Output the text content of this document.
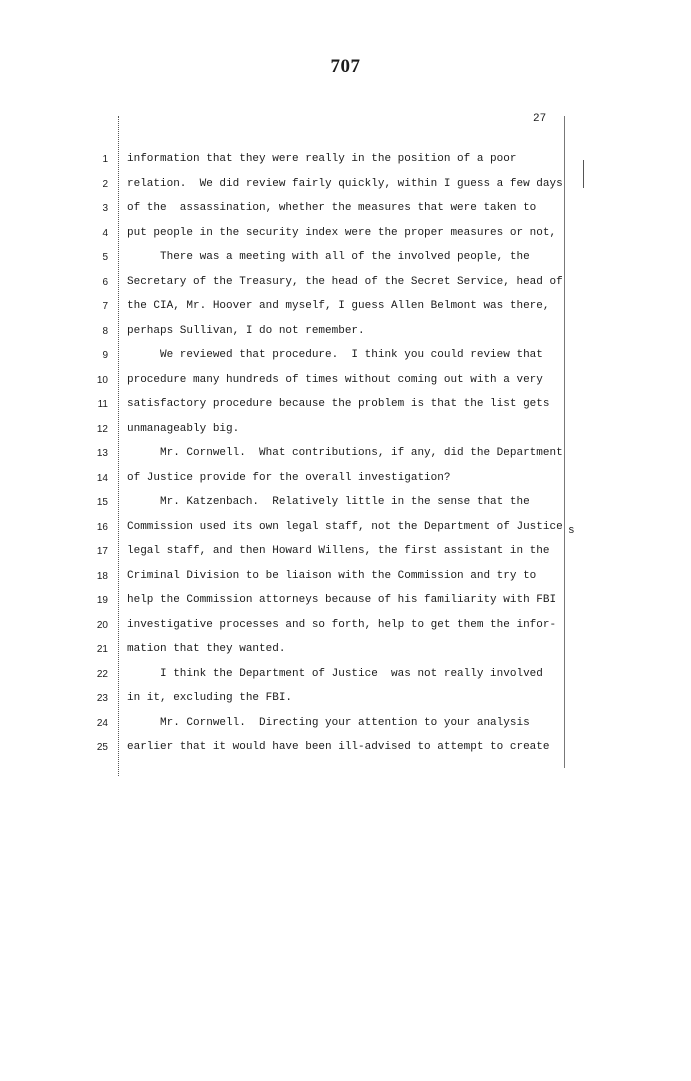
707
27
s
1 information that they were really in the position of a poor
2 relation.  We did review fairly quickly, within I guess a few days
3 of the  assassination, whether the measures that were taken to
4 put people in the security index were the proper measures or not,
5 There was a meeting with all of the involved people, the
6 Secretary of the Treasury, the head of the Secret Service, head of
7 the CIA, Mr. Hoover and myself, I guess Allen Belmont was there,
8 perhaps Sullivan, I do not remember.
9 We reviewed that procedure.  I think you could review that
10 procedure many hundreds of times without coming out with a very
11 satisfactory procedure because the problem is that the list gets
12 unmanageably big.
13 Mr. Cornwell.  What contributions, if any, did the Department
14 of Justice provide for the overall investigation?
15 Mr. Katzenbach.  Relatively little in the sense that the
16 Commission used its own legal staff, not the Department of Justice
17 legal staff, and then Howard Willens, the first assistant in the
18 Criminal Division to be liaison with the Commission and try to
19 help the Commission attorneys because of his familiarity with FBI
20 investigative processes and so forth, help to get them the infor-
21 mation that they wanted.
22 I think the Department of Justice  was not really involved
23 in it, excluding the FBI.
24 Mr. Cornwell.  Directing your attention to your analysis
25 earlier that it would have been ill-advised to attempt to create
